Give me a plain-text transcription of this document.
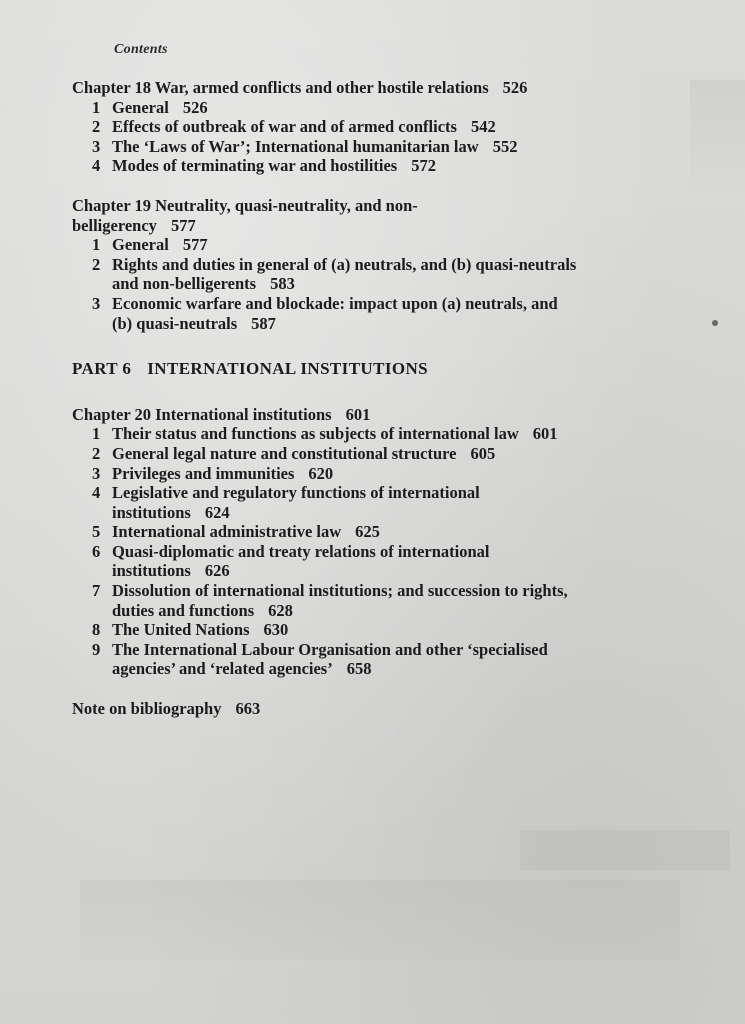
Contents

Chapter 18 War, armed conflicts and other hostile relations 526

1 General 526
2 Effects of outbreak of war and of armed conflicts 542
3 The ‘Laws of War’; International humanitarian law 552
4 Modes of terminating war and hostilities 572

Chapter 19 Neutrality, quasi-neutrality, and non-
belligerency 577

1 General 577
2 Rights and duties in general of (a) neutrals, and (b) quasi-neutrals
and non-belligerents 583
3 Economic warfare and blockade: impact upon (a) neutrals, and
(b) quasi-neutrals 587

PART 6 INTERNATIONAL INSTITUTIONS

Chapter 20 International institutions 601

1 Their status and functions as subjects of international law 601
2 General legal nature and constitutional structure 605
3 Privileges and immunities 620
4 Legislative and regulatory functions of international
institutions 624
5 International administrative law 625
6 Quasi-diplomatic and treaty relations of international
institutions 626
7 Dissolution of international institutions; and succession to rights,
duties and functions 628
8 The United Nations 630
9 The International Labour Organisation and other ‘specialised
agencies’ and ‘related agencies’ 658

Note on bibliography 663
